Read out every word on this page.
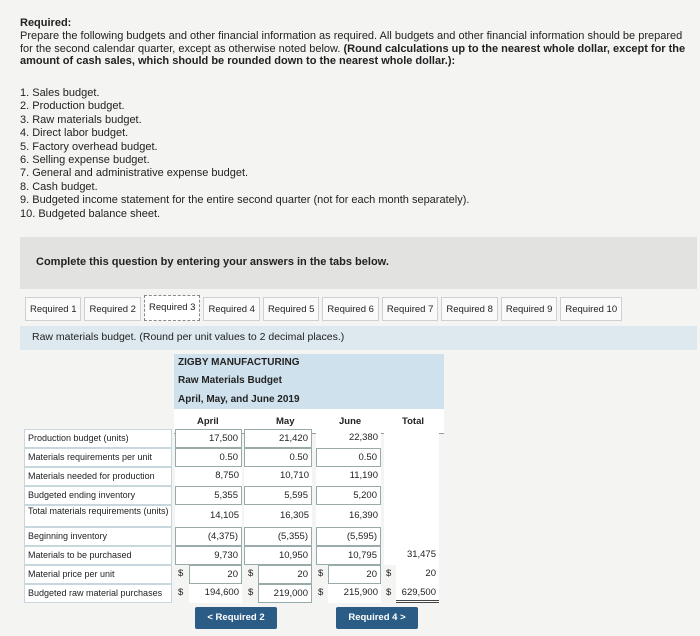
Required:
Prepare the following budgets and other financial information as required. All budgets and other financial information should be prepared for the second calendar quarter, except as otherwise noted below. (Round calculations up to the nearest whole dollar, except for the amount of cash sales, which should be rounded down to the nearest whole dollar.):
1. Sales budget.
2. Production budget.
3. Raw materials budget.
4. Direct labor budget.
5. Factory overhead budget.
6. Selling expense budget.
7. General and administrative expense budget.
8. Cash budget.
9. Budgeted income statement for the entire second quarter (not for each month separately).
10. Budgeted balance sheet.
Complete this question by entering your answers in the tabs below.
Required 1	Required 2	Required 3	Required 4	Required 5	Required 6	Required 7	Required 8	Required 9	Required 10
Raw materials budget. (Round per unit values to 2 decimal places.)
ZIGBY MANUFACTURING
Raw Materials Budget
April, May, and June 2019
April	May	June	Total
Production budget (units)	17,500	21,420	22,380
Materials requirements per unit	0.50	0.50	0.50
Materials needed for production	8,750	10,710	11,190
Budgeted ending inventory	5,355	5,595	5,200
Total materials requirements (units)	14,105	16,305	16,390
Beginning inventory	(4,375)	(5,355)	(5,595)
Materials to be purchased	9,730	10,950	10,795	31,475
Material price per unit	$	20	$	20	$	20 $	20
Budgeted raw material purchases	$	194,600 $	219,000	$	215,900 $	629,500
< Required 2	Required 4 >
